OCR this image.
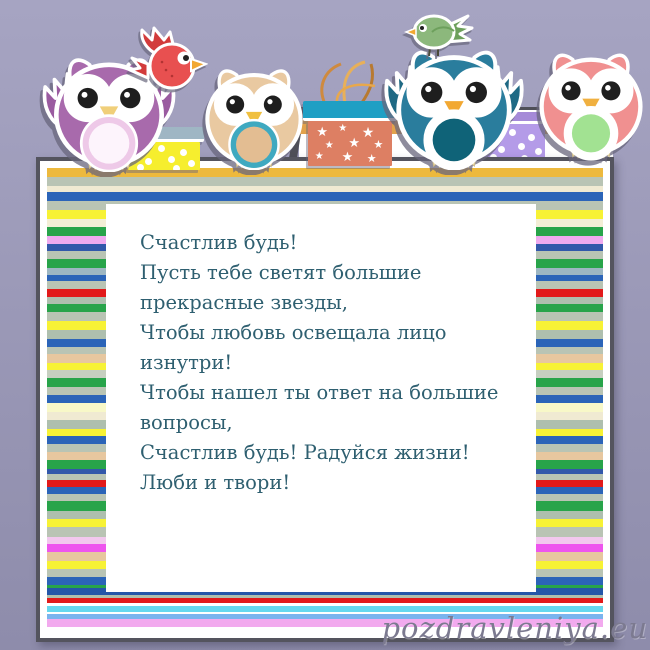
Счастлив будь!
Пусть тебе светят большие
прекрасные звезды,
Чтобы любовь освещала лицо
изнутри!
Чтобы нашел ты ответ на большие
вопросы,
Счастлив будь! Радуйся жизни!
Люби и твори!
★ ★ ★
★ ★ ★
★ ★ ★
pozdravleniya.eu
